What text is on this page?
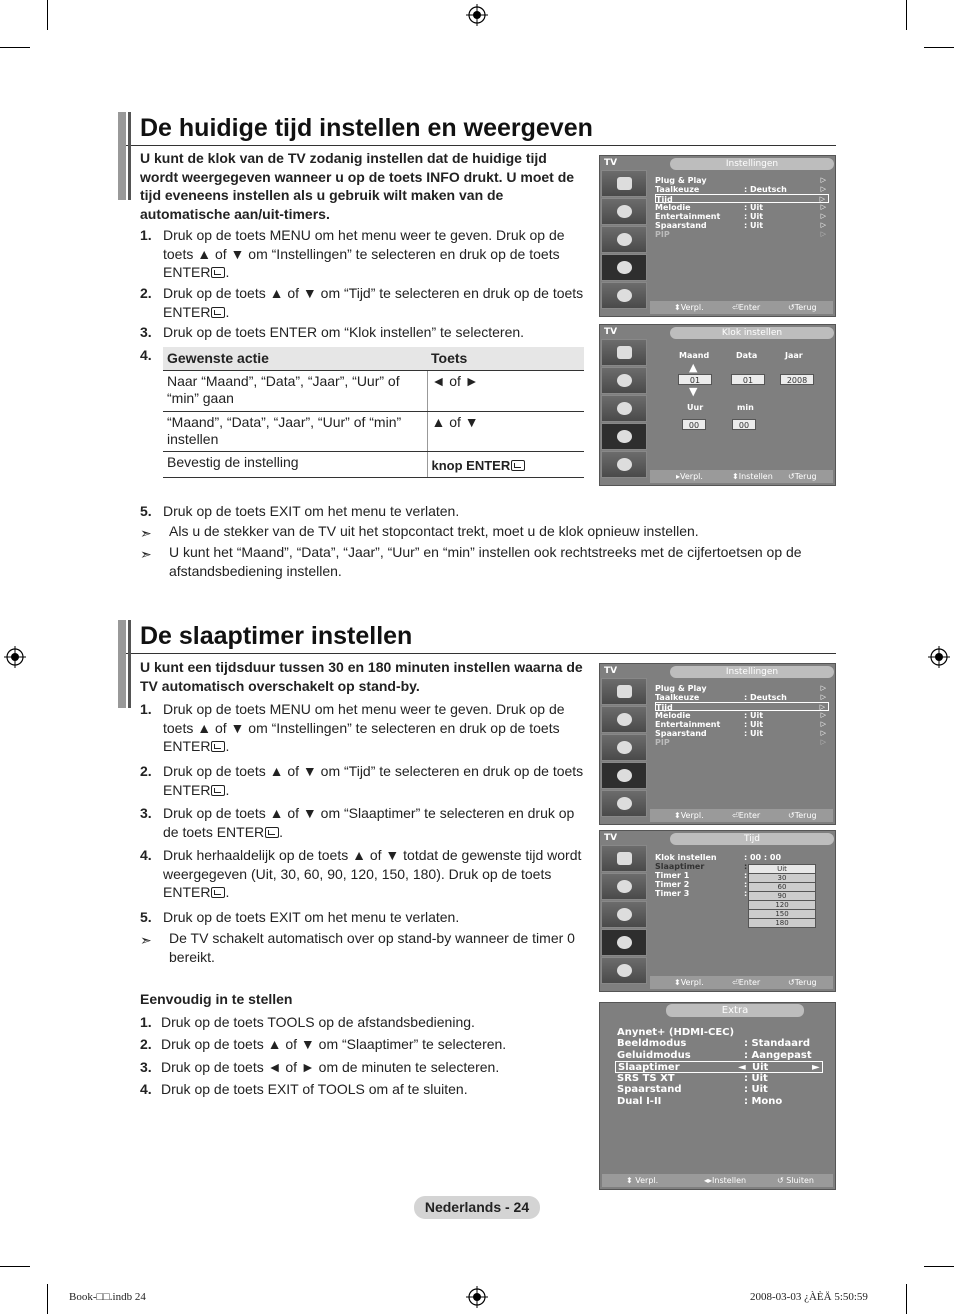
De huidige tijd instellen en weergeven
U kunt de klok van de TV zodanig instellen dat de huidige tijd wordt weergegeven wanneer u op de toets INFO drukt. U moet de tijd eveneens instellen als u gebruik wilt maken van de automatische aan/uit-timers.
1. Druk op de toets MENU om het menu weer te geven. Druk op de toets ▲ of ▼ om “Instellingen” te selecteren en druk op de toets ENTER .
2. Druk op de toets ▲ of ▼ om “Tijd” te selecteren en druk op de toets ENTER .
3. Druk op de toets ENTER om “Klok instellen” te selecteren.
4. Gewenste actie	Toets
Naar “Maand”, “Data”, “Jaar”, “Uur” of “min” gaan	◄ of ►
“Maand”, “Data”, “Jaar”, “Uur” of “min” instellen	▲ of ▼
Bevestig de instelling	knop ENTER
5. Druk op de toets EXIT om het menu te verlaten.
➣ Als u de stekker van de TV uit het stopcontact trekt, moet u de klok opnieuw instellen.
➣ U kunt het “Maand”, “Data”, “Jaar”, “Uur” en “min” instellen ook rechtstreeks met de cijfertoetsen op de afstandsbediening instellen.
De slaaptimer instellen
U kunt een tijdsduur tussen 30 en 180 minuten instellen waarna de TV automatisch overschakelt op stand-by.
1. Druk op de toets MENU om het menu weer te geven. Druk op de toets ▲ of ▼ om “Instellingen” te selecteren en druk op de toets ENTER .
2. Druk op de toets ▲ of ▼ om “Tijd” te selecteren en druk op de toets ENTER .
3. Druk op de toets ▲ of ▼ om “Slaaptimer” te selecteren en druk op de toets ENTER .
4. Druk herhaaldelijk op de toets ▲ of ▼ totdat de gewenste tijd wordt weergegeven (Uit, 30, 60, 90, 120, 150, 180). Druk op de toets ENTER .
5. Druk op de toets EXIT om het menu te verlaten.
➣ De TV schakelt automatisch over op stand-by wanneer de timer 0 bereikt.
Eenvoudig in te stellen
1. Druk op de toets TOOLS op de afstandsbediening.
2. Druk op de toets ▲ of ▼ om “Slaaptimer” te selecteren.
3. Druk op de toets ◄ of ► om de minuten te selecteren.
4. Druk op de toets EXIT of TOOLS om af te sluiten.
TV	Instellingen
Plug & Play	▷
Taalkeuze	: Deutsch	▷
Tijd	▷
Melodie	: Uit	▷
Entertainment	: Uit	▷
Spaarstand	: Uit	▷
PIP	▷
⬍ Verpl.	⏎ Enter	↺ Terug
TV	Klok instellen
Maand	Data	Jaar
▲
01
▼
01	2008
Uur	min
00	00
▸ Verpl.	⬍ Instellen ↺ Terug
TV	Instellingen
Plug & Play	▷
Taalkeuze	: Deutsch	▷
Tijd	▷
Melodie	: Uit	▷
Entertainment	: Uit	▷
Spaarstand	: Uit	▷
PIP	▷
⬍ Verpl.	⏎ Enter	↺ Terug
TV	Tijd
Klok instellen	: 00 : 00
Slaaptimer	:
Timer 1	:
Timer 2	:
Timer 3	:
Uit
30
60
90
120
150
180
⬍ Verpl.	⏎ Enter	↺ Terug
Extra
Anynet+ (HDMI-CEC)
Beeldmodus	: Standaard
Geluidmodus	: Aangepast
Slaaptimer	◄ Uit	►
SRS TS XT	: Uit
Spaarstand	: Uit
Dual I-II	: Mono
⬍ Verpl.	◂▸Instellen	↺ Sluiten
Nederlands - 24
Book-□□.indb 24	2008-03-03 ¿ÀÈÄ 5:50:59
